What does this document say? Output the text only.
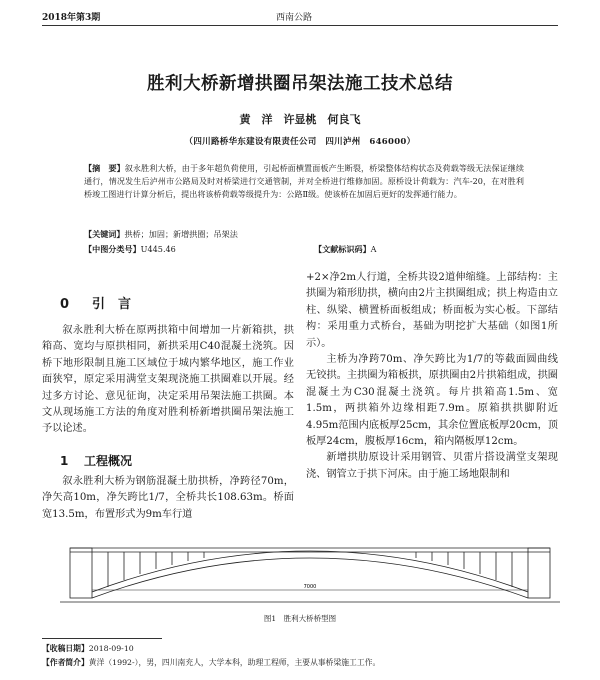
2018年第3期	西南公路
胜利大桥新增拱圈吊架法施工技术总结
黄　洋　许显桃　何良飞
（四川路桥华东建设有限责任公司　四川泸州　646000）
【摘　要】叙永胜利大桥，由于多年超负荷使用，引起桥面横置面板产生断裂，桥梁整体结构状态及荷载等级无法保证继续通行，情况发生后泸州市公路局及时对桥梁进行交通管制，并对全桥进行维修加固。原桥设计荷载为：汽车-20，在对胜利桥竣工图进行计算分析后，提出将该桥荷载等级提升为：公路Ⅱ级。使该桥在加固后更好的发挥通行能力。
【关键词】拱桥；加固；新增拱圈；吊架法
【中图分类号】U445.46	【文献标识码】A
0 引　言

叙永胜利大桥在原两拱箱中间增加一片新箱拱，拱箱高、宽均与原拱相同，新拱采用C40混凝土浇筑。因桥下地形限制且施工区域位于城内繁华地区，施工作业面狭窄，原定采用满堂支架现浇施工拱圈难以开展。经过多方讨论、意见征询，决定采用吊架法施工拱圈。本文从现场施工方法的角度对胜利桥新增拱圈吊架法施工予以论述。

1 工程概况

叙永胜利大桥为钢筋混凝土肋拱桥，净跨径70m，净矢高10m，净矢跨比1/7，全桥共长108.63m。桥面宽13.5m，布置形式为9m车行道

+2×净2m人行道，全桥共设2道伸缩缝。上部结构：主拱圈为箱形肋拱，横向由2片主拱圈组成；拱上构造由立柱、纵梁、横置桥面板组成；桥面板为实心板。下部结构：采用重力式桥台，基础为明挖扩大基础（如图1所示）。

主桥为净跨70m、净矢跨比为1/7的等截面圆曲线无铰拱。主拱圈为箱板拱，原拱圈由2片拱箱组成，拱圈混凝土为C30混凝土浇筑。每片拱箱高1.5m、宽1.5m，两拱箱外边缘相距7.9m。原箱拱拱脚附近4.95m范围内底板厚25cm，其余位置底板厚20cm，顶板厚24cm，腹板厚16cm，箱内隔板厚12cm。

新增拱肋原设计采用钢管、贝雷片搭设满堂支架现浇、钢管立于拱下河床。由于施工场地限制和

7000
图1　胜利大桥桥型图
【收稿日期】2018-09-10
【作者简介】黄洋（1992-），男，四川南充人，大学本科，助理工程师，主要从事桥梁施工工作。
